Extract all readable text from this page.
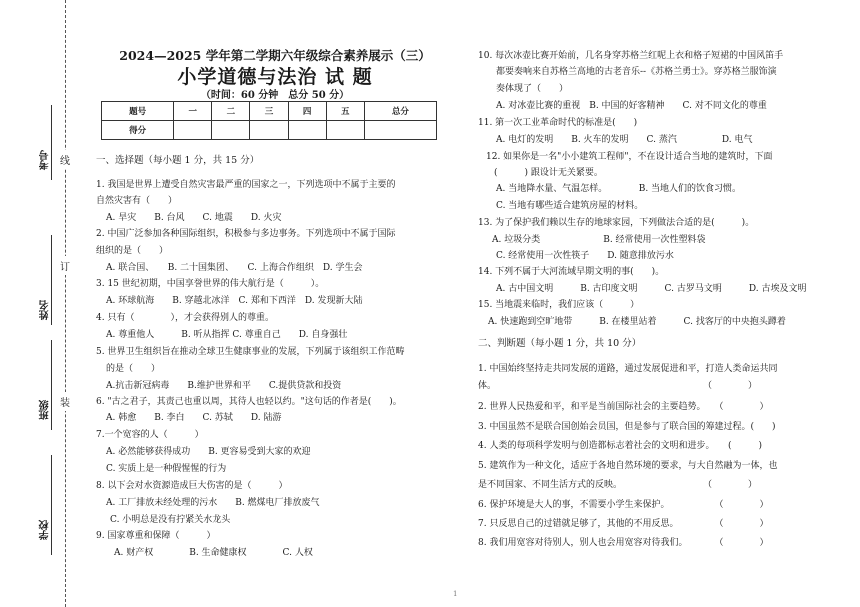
考号
姓名
班级
学校
线
订
装
2024—2025 学年第二学期六年级综合素养展示（三）
小学道德与法治 试 题
（时间：60 分钟　总分 50 分）
题号	一	二	三	四	五	总分
得分						
一、选择题（每小题 1 分，共 15 分）
1. 我国是世界上遭受自然灾害最严重的国家之一，下列选项中不属于主要的
自然灾害有（　　）
A. 旱灾　　B. 台风　　C. 地震　　D. 火灾
2. 中国广泛参加各种国际组织，积极参与多边事务。下列选项中不属于国际
组织的是（　　）
A. 联合国、　　B. 二十国集团、　　C. 上海合作组织　D. 学生会
3. 15 世纪初期，中国享誉世界的伟大航行是（　　　）。
A. 环球航海　　B. 穿越北冰洋　C. 郑和下西洋　D. 发现新大陆
4. 只有（　　　　），才会获得别人的尊重。
A. 尊重他人　　　B. 听从指挥 C. 尊重自己　　D. 自身强壮
5. 世界卫生组织旨在推动全球卫生健康事业的发展，下列属于该组织工作范畴
的是（　　）
A.抗击新冠病毒　　B.维护世界和平　　C.提供贷款和投资
6. "古之君子，其责己也重以周，其待人也轻以约。"这句话的作者是(　　)。
A. 韩愈　　B. 李白　　C. 苏轼　　D. 陆游
7.一个宽容的人（　　　）
A. 必然能够获得成功　　B. 更容易受到大家的欢迎
C. 实质上是一种假惺惺的行为
8. 以下会对水资源造成巨大伤害的是（　　　）
A. 工厂排放未经处理的污水　　B. 燃煤电厂排放废气
C. 小明总是没有拧紧关水龙头
9. 国家尊重和保障（　　　）
A. 财产权　　　　B. 生命健康权　　　　C. 人权
10. 每次冰壶比赛开始前，几名身穿苏格兰红呢上衣和格子短裙的中国风笛手
都要奏响来自苏格兰高地的古老音乐--《苏格兰勇士》。穿苏格兰服饰演
奏体现了（　　）
A. 对冰壶比赛的重视　B. 中国的好客精神　　C. 对不同文化的尊重
11. 第一次工业革命时代的标准是(　　)
A. 电灯的发明　　B. 火车的发明　　C. 蒸汽　　　　　D. 电气
12. 如果你是一名"小小建筑工程师"，不在设计适合当地的建筑时，下面
(　　　) 跟设计无关紧要。
A. 当地降水量、气温怎样。　　　　B. 当地人们的饮食习惯。
C. 当地有哪些适合建筑房屋的材料。
13. 为了保护我们赖以生存的地球家园，下列做法合适的是(　　　)。
A. 垃圾分类　　　　　　　B. 经常使用一次性塑料袋
C. 经常使用一次性筷子　　D. 随意排放污水
14. 下列不属于大河流域早期文明的事(　　)。
A. 古中国文明　　　B. 古印度文明　　　C. 古罗马文明　　　D. 古埃及文明
15. 当地震来临时，我们应该（　　　）
A. 快速跑到空旷地带　　　B. 在楼里站着　　　C. 找客厅的中央抱头蹲着
二、判断题（每小题 1 分，共 10 分）
1. 中国始终坚持走共同发展的道路，通过发展促进和平，打造人类命运共同
体。　　　　　　　　　　　　　　　　　　　　　　　　（　　　　）
2. 世界人民热爱和平，和平是当前国际社会的主要趋势。　　（　　　　）
3. 中国虽然不是联合国创始会员国，但是参与了联合国的筹建过程。(　　)
4. 人类的每项科学发明与创造都标志着社会的文明和进步。　　(　　　)
5. 建筑作为一种文化，适应于各地自然环境的要求，与大自然融为一体，也
是不同国家、不同生活方式的反映。　　　　　　　　　　（　　　　）
6. 保护环境是大人的事，不需要小学生来保护。　　　　　　（　　　　）
7. 只反思自己的过错就足够了，其他的不用反思。　　　　　（　　　　）
8. 我们用宽容对待别人，别人也会用宽容对待我们。　　　　（　　　　）
1
